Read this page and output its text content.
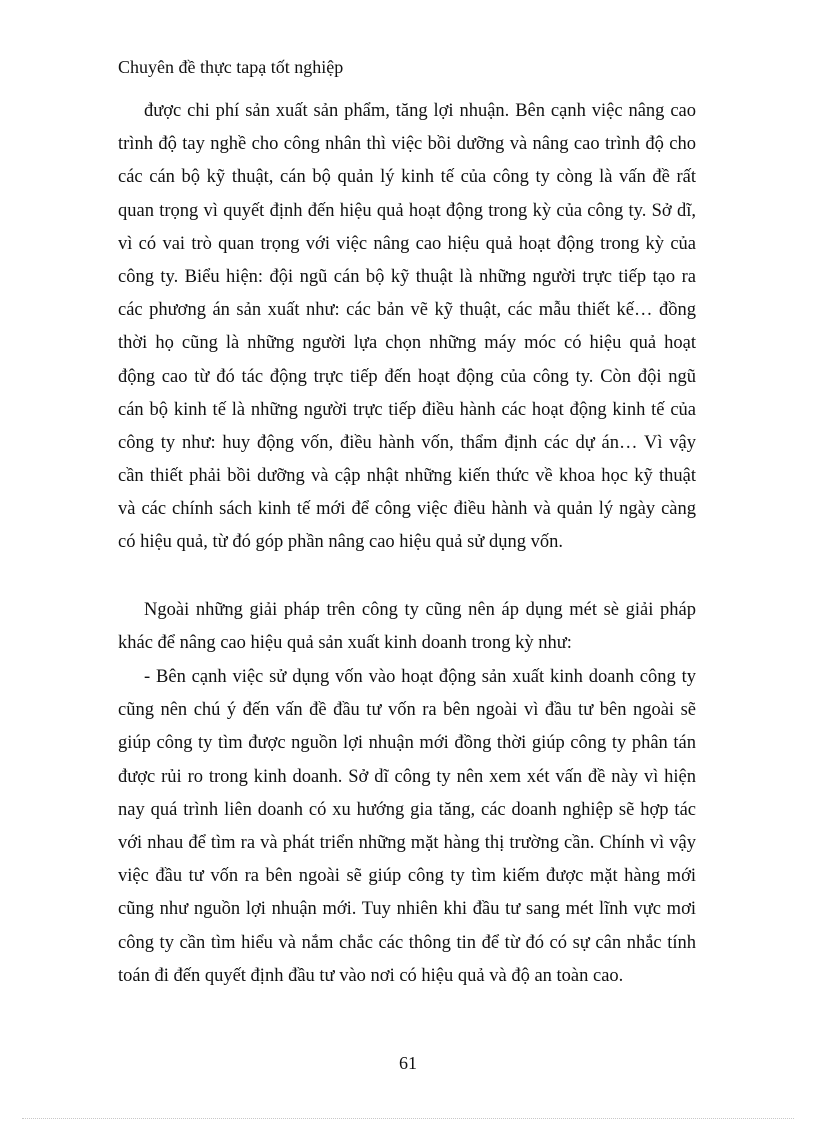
Chuyên đề thực tapạ tốt nghiệp
được chi phí sản xuất sản phẩm, tăng lợi nhuận. Bên cạnh việc nâng cao
trình độ tay nghề cho công nhân thì việc bồi dưỡng và nâng cao trình độ cho
các cán bộ kỹ thuật, cán bộ quản lý kinh tế của công ty còng là vấn đề rất
quan trọng vì quyết định đến hiệu quả hoạt động trong kỳ của công ty. Sở dĩ,
vì có vai trò quan trọng với việc nâng cao hiệu quả hoạt động trong kỳ của
công ty. Biểu hiện: đội ngũ cán bộ kỹ thuật là những người trực tiếp tạo ra
các phương án sản xuất như: các bản vẽ kỹ thuật, các mẫu thiết kế… đồng
thời họ cũng là những người lựa chọn những máy móc có hiệu quả hoạt
động cao từ đó tác động trực tiếp đến hoạt động của công ty. Còn đội ngũ
cán bộ kinh tế là những người trực tiếp điều hành các hoạt động kinh tế của
công ty như: huy động vốn, điều hành vốn, thẩm định các dự án… Vì vậy
cần thiết phải bồi dưỡng và cập nhật những kiến thức về khoa học kỹ thuật
và các chính sách kinh tế mới để công việc điều hành và quản lý ngày càng
có hiệu quả, từ đó góp phần nâng cao hiệu quả sử dụng vốn.
Ngoài những giải pháp trên công ty cũng nên áp dụng mét sè giải pháp
khác để nâng cao hiệu quả sản xuất kinh doanh trong kỳ như:
- Bên cạnh việc sử dụng vốn vào hoạt động sản xuất kinh doanh công ty
cũng nên chú ý đến vấn đề đầu tư vốn ra bên ngoài vì đầu tư bên ngoài sẽ
giúp công ty tìm được nguồn lợi nhuận mới đồng thời giúp công ty phân tán
được rủi ro trong kinh doanh. Sở dĩ công ty nên xem xét vấn đề này vì hiện
nay quá trình liên doanh có xu hướng gia tăng, các doanh nghiệp sẽ hợp tác
với nhau để tìm ra và phát triển những mặt hàng thị trường cần. Chính vì vậy
việc đầu tư vốn ra bên ngoài sẽ giúp công ty tìm kiếm được mặt hàng mới
cũng như nguồn lợi nhuận mới. Tuy nhiên khi đầu tư sang mét lĩnh vực mơi
công ty cần tìm hiểu và nắm chắc các thông tin để từ đó có sự cân nhắc tính
toán đi đến quyết định đầu tư vào nơi có hiệu quả và độ an toàn cao.
61
